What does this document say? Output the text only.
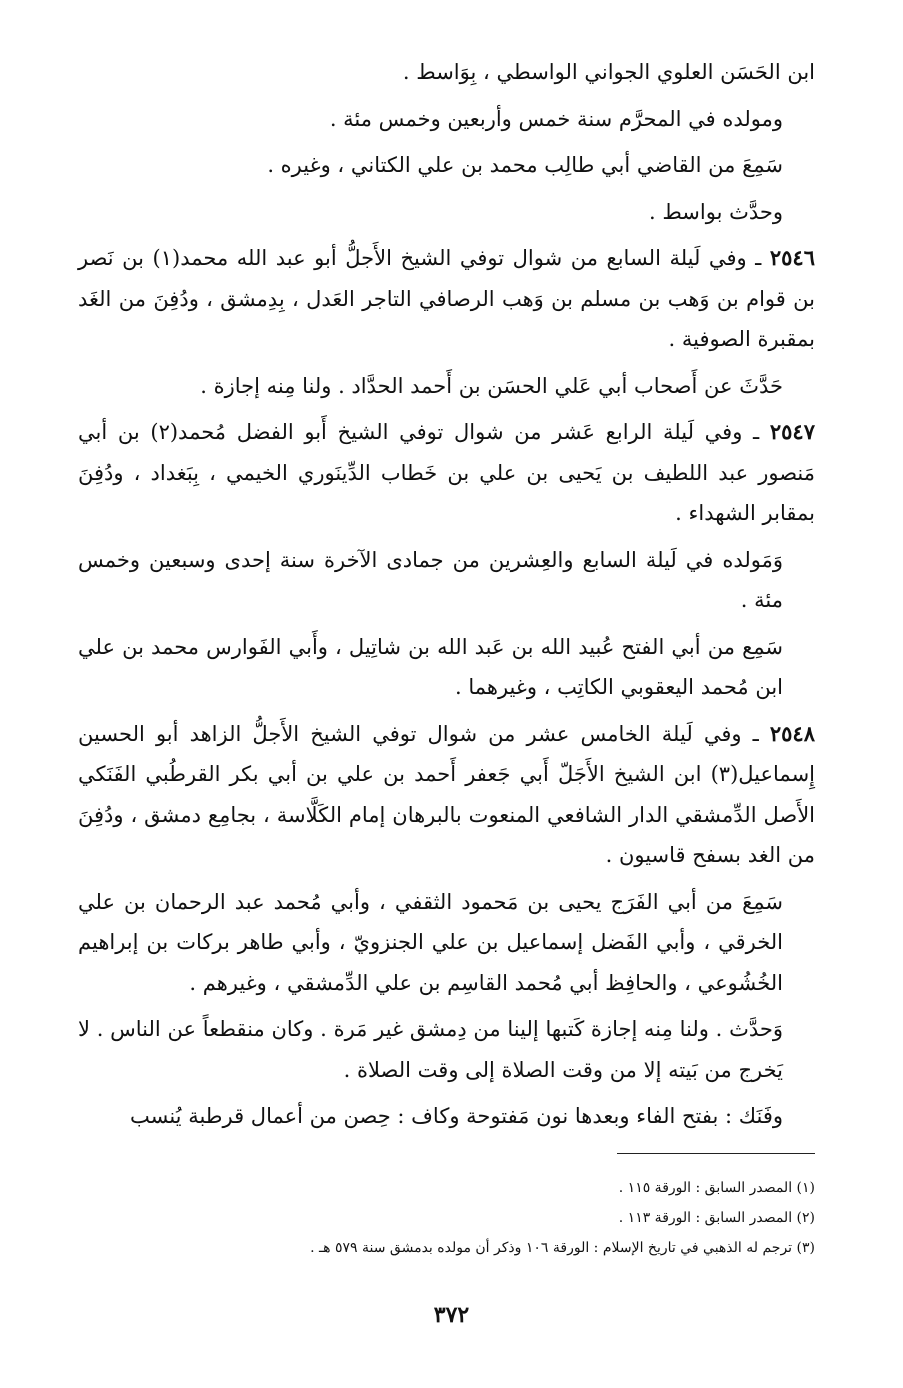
ابن الحَسَن العلوي الجواني الواسطي ، بِوَاسط .

ومولده في المحرَّم سنة خمس وأربعين وخمس مئة .

سَمِعَ من القاضي أبي طالِب محمد بن علي الكتاني ، وغيره .

وحدَّث بواسط .

٢٥٤٦ ـ وفي لَيلة السابع من شوال توفي الشيخ الأَجلُّ أبو عبد الله محمد(١) بن نَصر بن قوام بن وَهب بن مسلم بن وَهب الرصافي التاجر العَدل ، بِدِمشق ، ودُفِنَ من الغَد بمقبرة الصوفية .

حَدَّثَ عن أَصحاب أبي عَلي الحسَن بن أَحمد الحدَّاد . ولنا مِنه إجازة .

٢٥٤٧ ـ وفي لَيلة الرابع عَشر من شوال توفي الشيخ أَبو الفضل مُحمد(٢) بن أبي مَنصور عبد اللطيف بن يَحيى بن علي بن خَطاب الدِّينَوري الخيمي ، بِبَغداد ، ودُفِنَ بمقابر الشهداء .

وَمَولده في لَيلة السابع والعِشرين من جمادى الآخرة سنة إحدى وسبعين وخمس مئة .

سَمِع من أبي الفتح عُبيد الله بن عَبد الله بن شاتِيل ، وأَبي الفَوارس محمد بن علي ابن مُحمد اليعقوبي الكاتِب ، وغيرهما .

٢٥٤٨ ـ وفي لَيلة الخامس عشر من شوال توفي الشيخ الأَجلُّ الزاهد أبو الحسين إِسماعيل(٣) ابن الشيخ الأَجَلّ أَبي جَعفر أَحمد بن علي بن أبي بكر القرطُبي الفَنَكي الأَصل الدِّمشقي الدار الشافعي المنعوت بالبرهان إمام الكَلَّاسة ، بجامِع دمشق ، ودُفِنَ من الغد بسفح قاسيون .

سَمِعَ من أبي الفَرَج يحيى بن مَحمود الثقفي ، وأبي مُحمد عبد الرحمان بن علي الخرقي ، وأبي الفَضل إسماعيل بن علي الجنزويّ ، وأبي طاهر بركات بن إبراهيم الخُشُوعي ، والحافِظ أبي مُحمد القاسِم بن علي الدِّمشقي ، وغيرهم .

وَحدَّث . ولنا مِنه إجازة كَتبها إلينا من دِمشق غير مَرة . وكان منقطعاً عن الناس . لا يَخرج من بَيته إلا من وقت الصلاة إلى وقت الصلاة .

وفَنَك : بفتح الفاء وبعدها نون مَفتوحة وكاف : حِصن من أعمال قرطبة يُنسب

(١) المصدر السابق : الورقة ١١٥ .

(٢) المصدر السابق : الورقة ١١٣ .

(٣) ترجم له الذهبي في تاريخ الإسلام : الورقة ١٠٦ وذكر أن مولده بدمشق سنة ٥٧٩ هـ .

٣٧٢
